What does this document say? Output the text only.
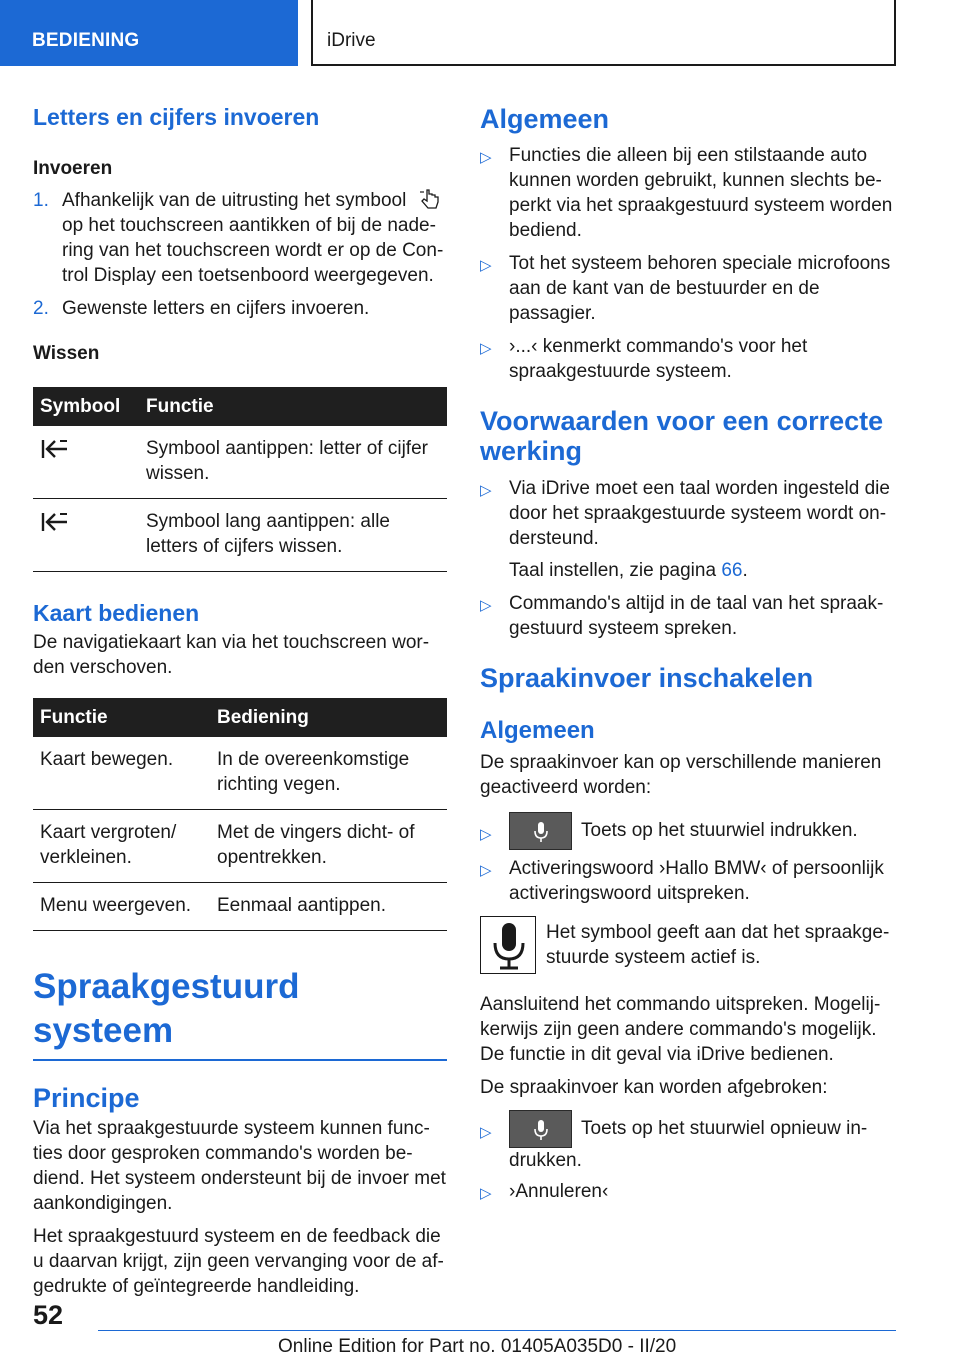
BEDIENING	iDrive
Letters en cijfers invoeren
Invoeren
1. Afhankelijk van de uitrusting het symbool  op het touchscreen aantikken of bij de nadering van het touchscreen wordt er op de Control Display een toetsenboord weergegeven.
2. Gewenste letters en cijfers invoeren.
Wissen
Symbool	Functie
	Symbool aantippen: letter of cijfer wissen.
	Symbool lang aantippen: alle letters of cijfers wissen.
Kaart bedienen

De navigatiekaart kan via het touchscreen worden verschoven.

Functie	Bediening
Kaart bewegen.	In de overeenkomstige richting vegen.
Kaart vergroten/ verkleinen.	Met de vingers dicht- of opentrekken.
Menu weergeven.	Eenmaal aantippen.
Spraakgestuurd systeem
Principe

Via het spraakgestuurde systeem kunnen functies door gesproken commando's worden bediend. Het systeem ondersteunt bij de invoer met aankondigingen.

Het spraakgestuurd systeem en de feedback die u daarvan krijgt, zijn geen vervanging voor de afgedrukte of geïntegreerde handleiding.

Algemeen
▷ Functies die alleen bij een stilstaande auto kunnen worden gebruikt, kunnen slechts beperkt via het spraakgestuurd systeem worden bediend.
▷ Tot het systeem behoren speciale microfoons aan de kant van de bestuurder en de passagier.
▷ ›...‹ kenmerkt commando's voor het spraakgestuurde systeem.
Voorwaarden voor een correcte werking
▷ Via iDrive moet een taal worden ingesteld die door het spraakgestuurde systeem wordt ondersteund.
Taal instellen, zie pagina 66.
▷ Commando's altijd in de taal van het spraakgestuurd systeem spreken.
Spraakinvoer inschakelen
Algemeen

De spraakinvoer kan op verschillende manieren geactiveerd worden:

▷	Toets op het stuurwiel indrukken.
▷ Activeringswoord ›Hallo BMW‹ of persoonlijk activeringswoord uitspreken.
Het symbool geeft aan dat het spraakgestuurde systeem actief is.

Aansluitend het commando uitspreken. Mogelijkerwijs zijn geen andere commando's mogelijk. De functie in dit geval via iDrive bedienen.

De spraakinvoer kan worden afgebroken:

▷	Toets op het stuurwiel opnieuw indrukken.
▷ ›Annuleren‹
52
Online Edition for Part no. 01405A035D0 - II/20
